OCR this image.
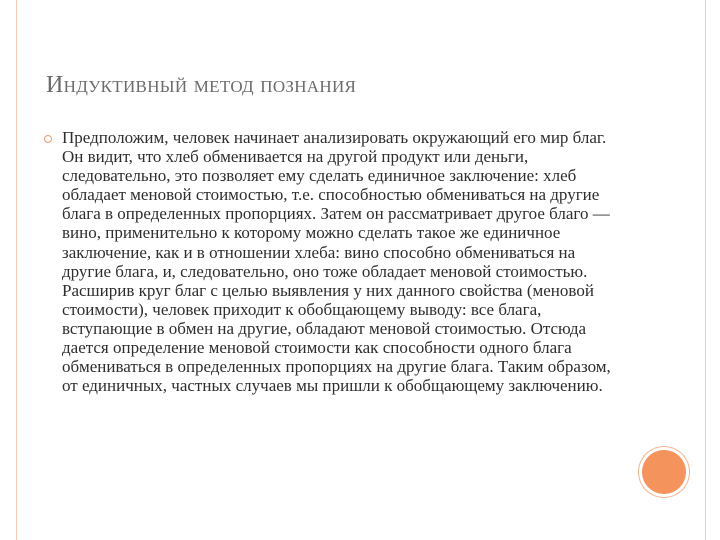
Индуктивный метод познания

Предположим, человек начинает анализировать окружающий его мир благ. Он видит, что хлеб обменивается на другой продукт или деньги, следовательно, это позволяет ему сделать единичное заключение: хлеб обладает меновой стоимостью, т.е. способностью обмениваться на другие блага в определенных пропорциях. Затем он рассматривает другое благо — вино, применительно к которому можно сделать такое же единичное заключение, как и в отношении хлеба: вино способно обмениваться на другие блага, и, следовательно, оно тоже обладает меновой стоимостью. Расширив круг благ с целью выявления у них данного свойства (меновой стоимости), человек приходит к обобщающему выводу: все блага, вступающие в обмен на другие, обладают меновой стоимостью. Отсюда дается определение меновой стоимости как способности одного блага обмениваться в определенных пропорциях на другие блага. Таким образом, от единичных, частных случаев мы пришли к обобщающему заключению.
